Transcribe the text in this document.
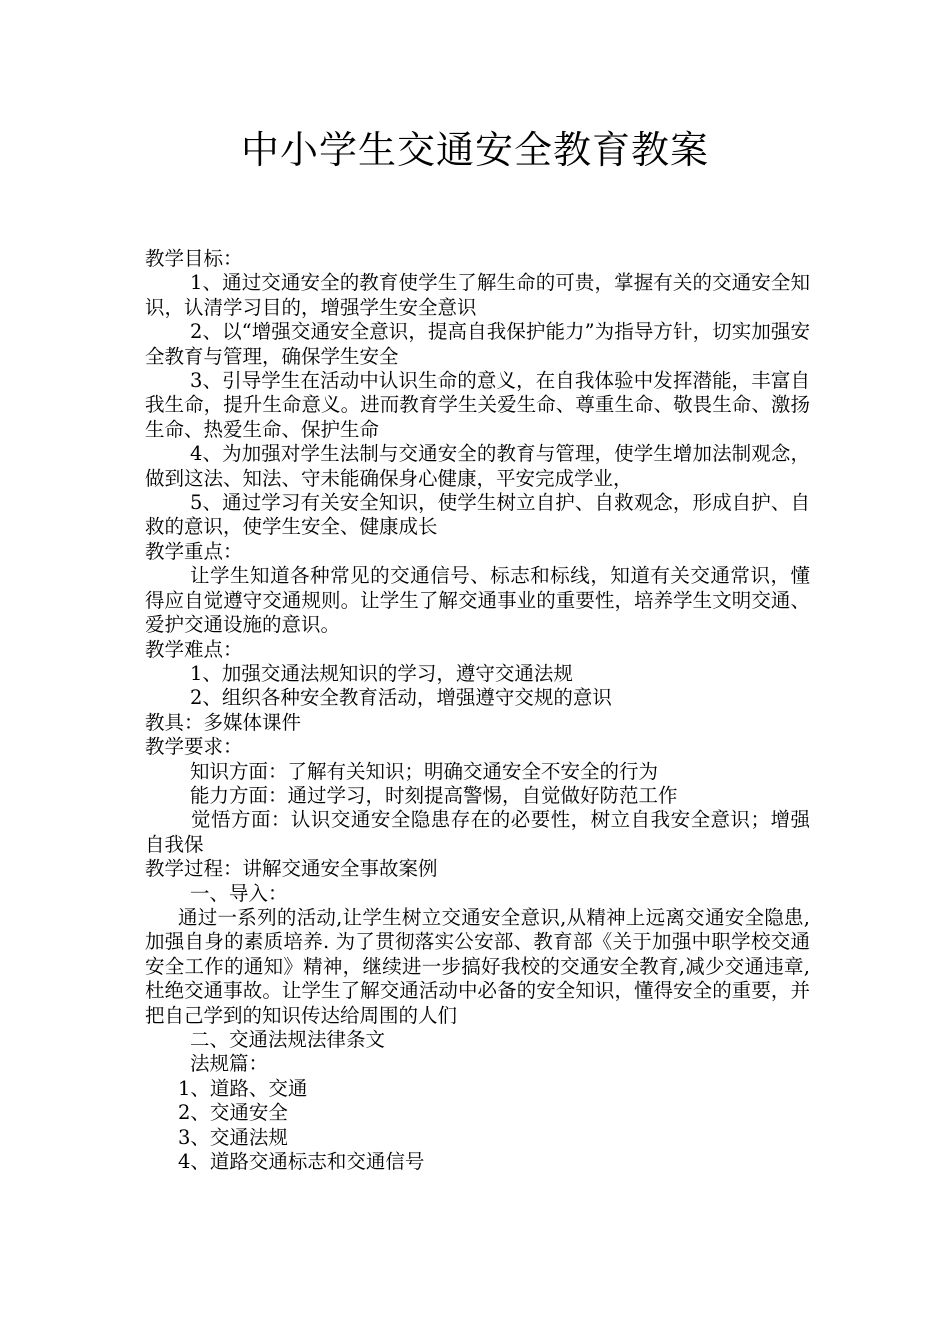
中小学生交通安全教育教案

教学目标：

1、通过交通安全的教育使学生了解生命的可贵，掌握有关的交通安全知识，认清学习目的，增强学生安全意识

2、以“增强交通安全意识，提高自我保护能力”为指导方针，切实加强安全教育与管理，确保学生安全

3、引导学生在活动中认识生命的意义，在自我体验中发挥潜能，丰富自我生命，提升生命意义。进而教育学生关爱生命、尊重生命、敬畏生命、激扬生命、热爱生命、保护生命

4、为加强对学生法制与交通安全的教育与管理，使学生增加法制观念，做到这法、知法、守未能确保身心健康，平安完成学业，

5、通过学习有关安全知识，使学生树立自护、自救观念，形成自护、自救的意识，使学生安全、健康成长

教学重点：

让学生知道各种常见的交通信号、标志和标线，知道有关交通常识，懂得应自觉遵守交通规则。让学生了解交通事业的重要性，培养学生文明交通、爱护交通设施的意识。

教学难点：

1、加强交通法规知识的学习，遵守交通法规

2、组织各种安全教育活动，增强遵守交规的意识

教具：多媒体课件

教学要求：

知识方面：了解有关知识；明确交通安全不安全的行为

能力方面：通过学习，时刻提高警惕，自觉做好防范工作

觉悟方面：认识交通安全隐患存在的必要性，树立自我安全意识；增强自我保

教学过程：讲解交通安全事故案例

一、导入：

通过一系列的活动,让学生树立交通安全意识,从精神上远离交通安全隐患,加强自身的素质培养. 为了贯彻落实公安部、教育部《关于加强中职学校交通安全工作的通知》精神，继续进一步搞好我校的交通安全教育,减少交通违章,杜绝交通事故。让学生了解交通活动中必备的安全知识，懂得安全的重要，并把自己学到的知识传达给周围的人们

二、交通法规法律条文

法规篇：

1、道路、交通

2、交通安全

3、交通法规

4、道路交通标志和交通信号
